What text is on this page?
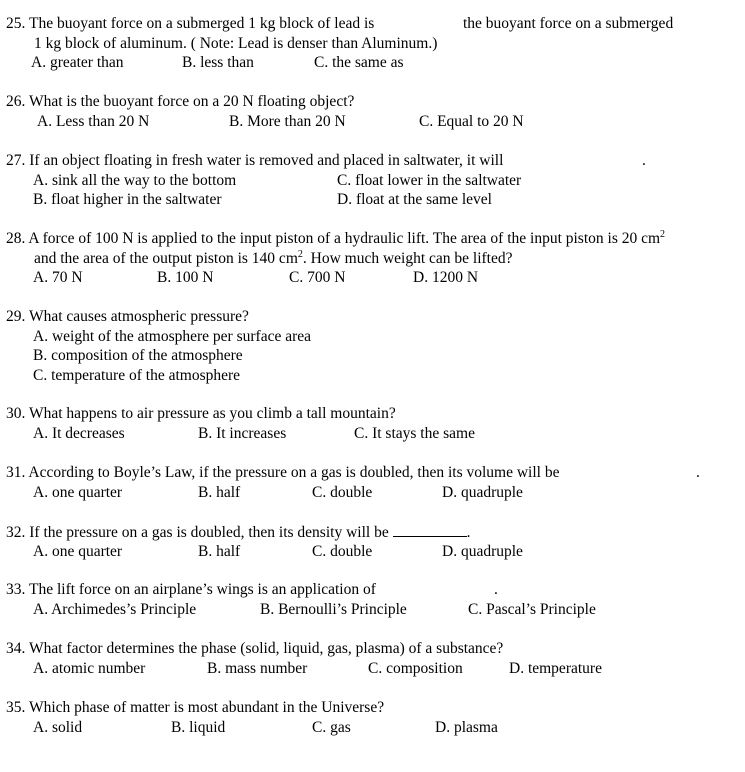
25. The buoyant force on a submerged 1 kg block of lead is	the buoyant force on a submerged
1 kg block of aluminum. ( Note: Lead is denser than Aluminum.)
A. greater than	B. less than	C. the same as
26. What is the buoyant force on a 20 N floating object?
A. Less than 20 N	B. More than 20 N	C. Equal to 20 N
27. If an object floating in fresh water is removed and placed in saltwater, it will	.
A. sink all the way to the bottom	C. float lower in the saltwater
B. float higher in the saltwater	D. float at the same level
28. A force of 100 N is applied to the input piston of a hydraulic lift. The area of the input piston is 20 $cm^2$
and the area of the output piston is 140 $cm^2$. How much weight can be lifted?
A. 70 N	B. 100 N	C. 700 N	D. 1200 N
29. What causes atmospheric pressure?
A. weight of the atmosphere per surface area
B. composition of the atmosphere
C. temperature of the atmosphere
30. What happens to air pressure as you climb a tall mountain?
A. It decreases	B. It increases	C. It stays the same
31. According to Boyle’s Law, if the pressure on a gas is doubled, then its volume will be	.
A. one quarter	B. half	C. double	D. quadruple
32. If the pressure on a gas is doubled, then its density will be	.
A. one quarter	B. half	C. double	D. quadruple
33. The lift force on an airplane’s wings is an application of	.
A. Archimedes’s Principle	B. Bernoulli’s Principle	C. Pascal’s Principle
34. What factor determines the phase (solid, liquid, gas, plasma) of a substance?
A. atomic number	B. mass number	C. composition	D. temperature
35. Which phase of matter is most abundant in the Universe?
A. solid	B. liquid	C. gas	D. plasma
